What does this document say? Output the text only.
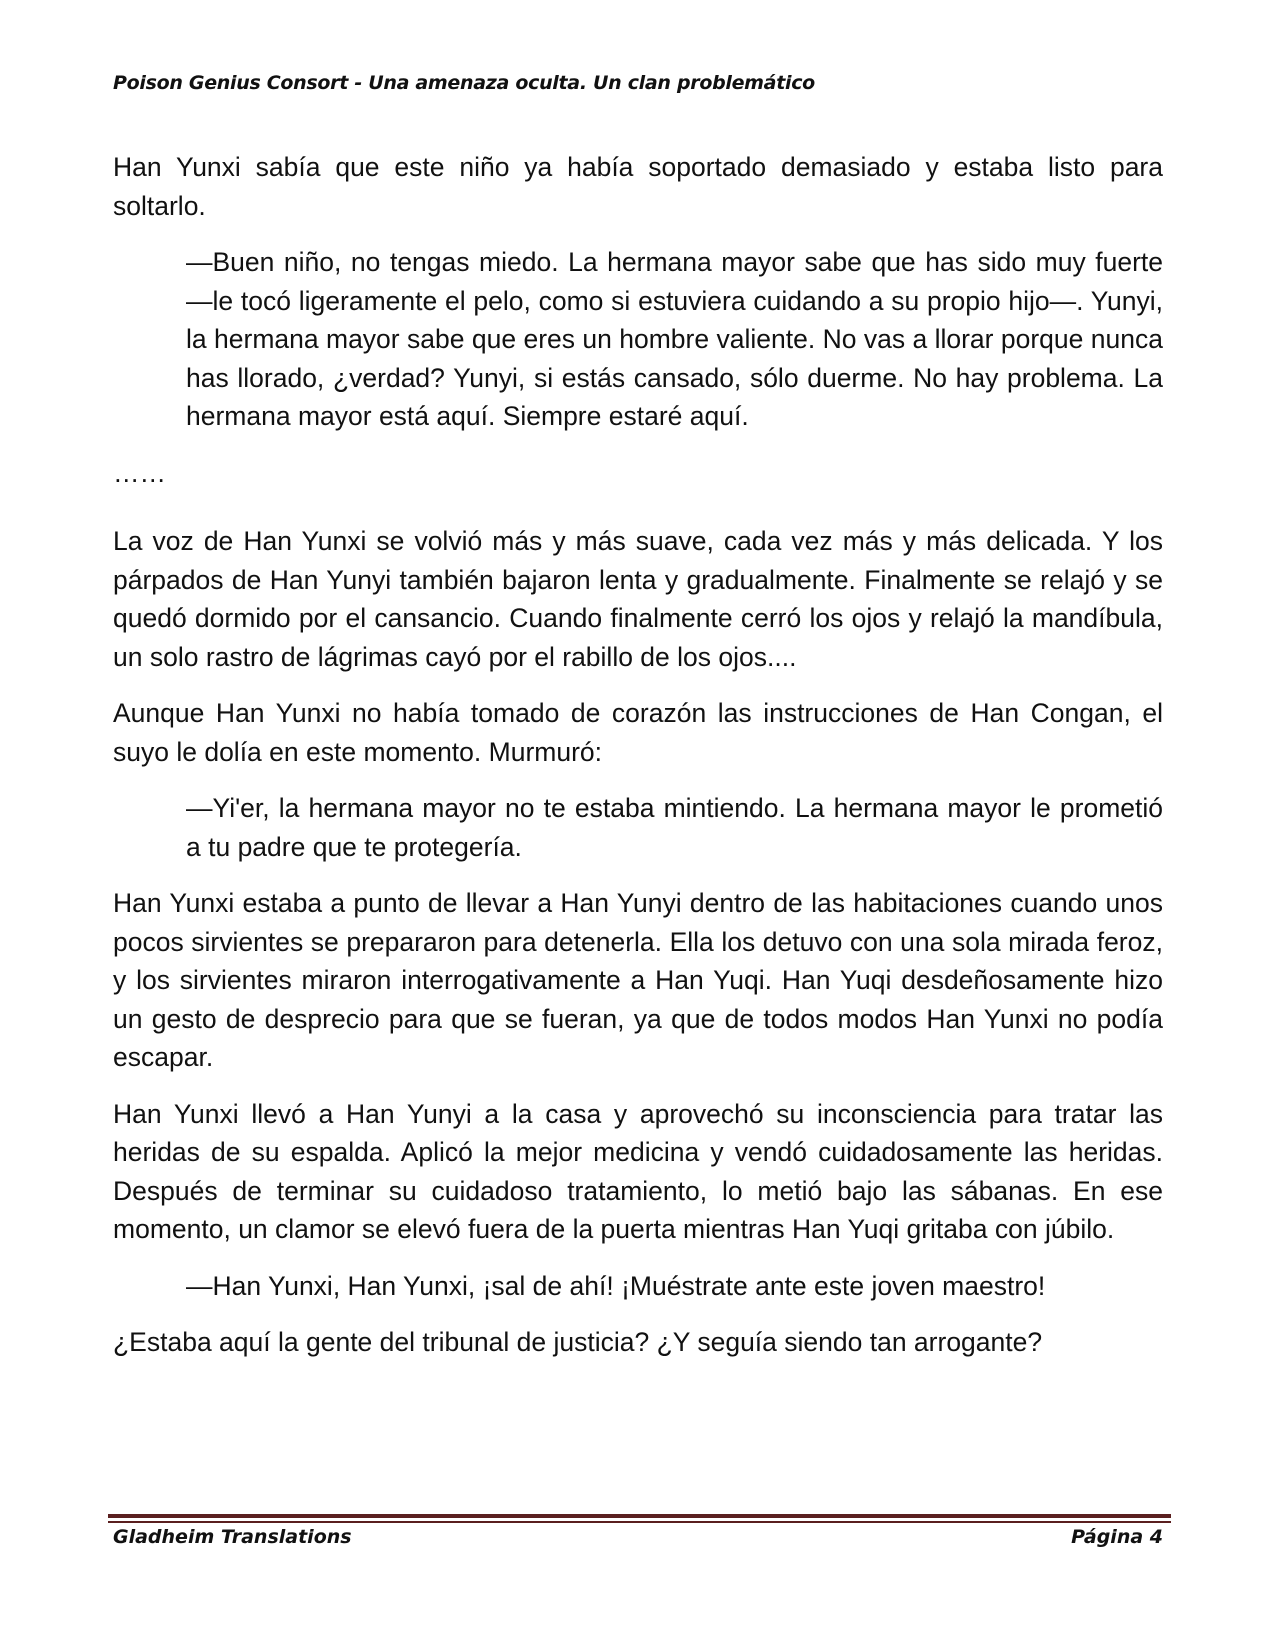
Poison Genius Consort - Una amenaza oculta. Un clan problemático

Han Yunxi sabía que este niño ya había soportado demasiado y estaba listo para soltarlo.

—Buen niño, no tengas miedo. La hermana mayor sabe que has sido muy fuerte —le tocó ligeramente el pelo, como si estuviera cuidando a su propio hijo—. Yunyi, la hermana mayor sabe que eres un hombre valiente. No vas a llorar porque nunca has llorado, ¿verdad? Yunyi, si estás cansado, sólo duerme. No hay problema. La hermana mayor está aquí. Siempre estaré aquí.

……

La voz de Han Yunxi se volvió más y más suave, cada vez más y más delicada. Y los párpados de Han Yunyi también bajaron lenta y gradualmente. Finalmente se relajó y se quedó dormido por el cansancio. Cuando finalmente cerró los ojos y relajó la mandíbula, un solo rastro de lágrimas cayó por el rabillo de los ojos....

Aunque Han Yunxi no había tomado de corazón las instrucciones de Han Congan, el suyo le dolía en este momento. Murmuró:

—Yi'er, la hermana mayor no te estaba mintiendo. La hermana mayor le prometió a tu padre que te protegería.

Han Yunxi estaba a punto de llevar a Han Yunyi dentro de las habitaciones cuando unos pocos sirvientes se prepararon para detenerla. Ella los detuvo con una sola mirada feroz, y los sirvientes miraron interrogativamente a Han Yuqi. Han Yuqi desdeñosamente hizo un gesto de desprecio para que se fueran, ya que de todos modos Han Yunxi no podía escapar.

Han Yunxi llevó a Han Yunyi a la casa y aprovechó su inconsciencia para tratar las heridas de su espalda. Aplicó la mejor medicina y vendó cuidadosamente las heridas. Después de terminar su cuidadoso tratamiento, lo metió bajo las sábanas. En ese momento, un clamor se elevó fuera de la puerta mientras Han Yuqi gritaba con júbilo.

—Han Yunxi, Han Yunxi, ¡sal de ahí! ¡Muéstrate ante este joven maestro!

¿Estaba aquí la gente del tribunal de justicia? ¿Y seguía siendo tan arrogante?

Gladheim Translations	Página 4
